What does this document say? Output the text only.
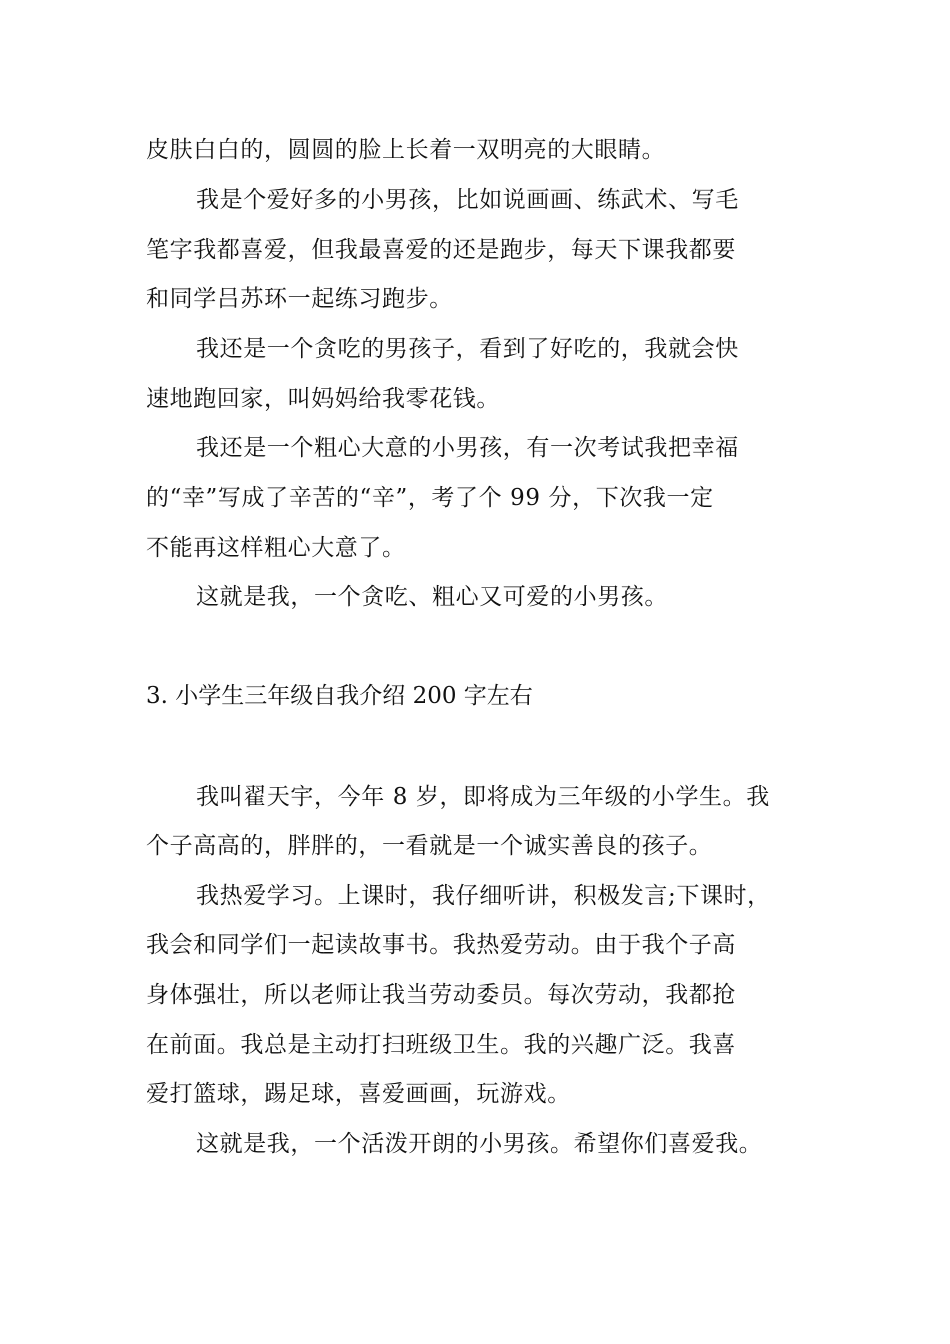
皮肤白白的，圆圆的脸上长着一双明亮的大眼睛。
我是个爱好多的小男孩，比如说画画、练武术、写毛
笔字我都喜爱，但我最喜爱的还是跑步，每天下课我都要
和同学吕苏环一起练习跑步。
我还是一个贪吃的男孩子，看到了好吃的，我就会快
速地跑回家，叫妈妈给我零花钱。
我还是一个粗心大意的小男孩，有一次考试我把幸福
的“幸”写成了辛苦的“辛”，考了个 99 分，下次我一定
不能再这样粗心大意了。
这就是我，一个贪吃、粗心又可爱的小男孩。
3. 小学生三年级自我介绍 200 字左右
我叫翟天宇，今年 8 岁，即将成为三年级的小学生。我
个子高高的，胖胖的，一看就是一个诚实善良的孩子。
我热爱学习。上课时，我仔细听讲，积极发言;下课时，
我会和同学们一起读故事书。我热爱劳动。由于我个子高
身体强壮，所以老师让我当劳动委员。每次劳动，我都抢
在前面。我总是主动打扫班级卫生。我的兴趣广泛。我喜
爱打篮球，踢足球，喜爱画画，玩游戏。
这就是我，一个活泼开朗的小男孩。希望你们喜爱我。
